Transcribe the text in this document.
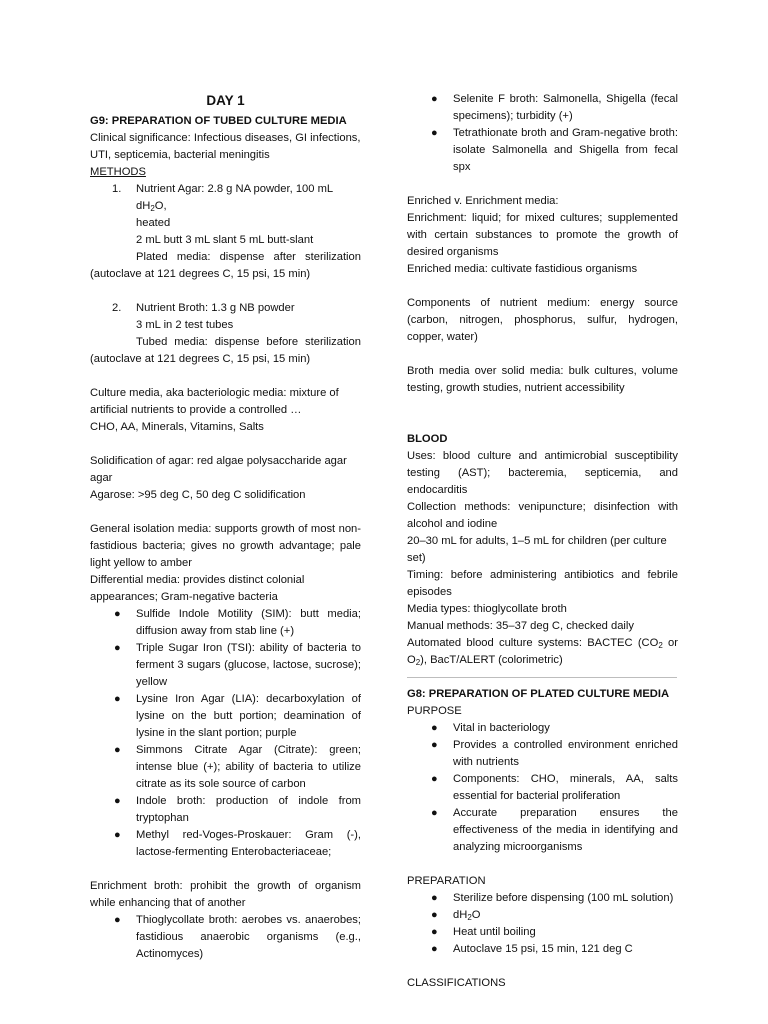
DAY 1

G9: PREPARATION OF TUBED CULTURE MEDIA

Clinical significance: Infectious diseases, GI infections, UTI, septicemia, bacterial meningitis

METHODS

1. Nutrient Agar: 2.8 g NA powder, 100 mL $dH_2O$,

heated

2 mL butt 3 mL slant 5 mL butt-slant

Plated media: dispense after sterilization

(autoclave at 121 degrees C, 15 psi, 15 min)

2. Nutrient Broth: 1.3 g NB powder

3 mL in 2 test tubes

Tubed media: dispense before sterilization

(autoclave at 121 degrees C, 15 psi, 15 min)

Culture media, aka bacteriologic media: mixture of artificial nutrients to provide a controlled …

CHO, AA, Minerals, Vitamins, Salts

Solidification of agar: red algae polysaccharide agar agar

Agarose: >95 deg C, 50 deg C solidification

General isolation media: supports growth of most non-fastidious bacteria; gives no growth advantage; pale light yellow to amber

Differential media: provides distinct colonial appearances; Gram-negative bacteria

● Sulfide Indole Motility (SIM): butt media; diffusion away from stab line (+)
● Triple Sugar Iron (TSI): ability of bacteria to ferment 3 sugars (glucose, lactose, sucrose); yellow
● Lysine Iron Agar (LIA): decarboxylation of lysine on the butt portion; deamination of lysine in the slant portion; purple
● Simmons Citrate Agar (Citrate): green; intense blue (+); ability of bacteria to utilize citrate as its sole source of carbon
● Indole broth: production of indole from tryptophan
● Methyl red-Voges-Proskauer: Gram (-), lactose-fermenting Enterobacteriaceae;

Enrichment broth: prohibit the growth of organism while enhancing that of another

● Thioglycollate broth: aerobes vs. anaerobes; fastidious anaerobic organisms (e.g., Actinomyces)
● Selenite F broth: Salmonella, Shigella (fecal specimens); turbidity (+)
● Tetrathionate broth and Gram-negative broth: isolate Salmonella and Shigella from fecal spx

Enriched v. Enrichment media:

Enrichment: liquid; for mixed cultures; supplemented with certain substances to promote the growth of desired organisms

Enriched media: cultivate fastidious organisms

Components of nutrient medium: energy source (carbon, nitrogen, phosphorus, sulfur, hydrogen, copper, water)

Broth media over solid media: bulk cultures, volume testing, growth studies, nutrient accessibility

BLOOD

Uses: blood culture and antimicrobial susceptibility testing (AST); bacteremia, septicemia, and endocarditis

Collection methods: venipuncture; disinfection with alcohol and iodine

20–30 mL for adults, 1–5 mL for children (per culture set)

Timing: before administering antibiotics and febrile episodes

Media types: thioglycollate broth

Manual methods: 35–37 deg C, checked daily

Automated blood culture systems: BACTEC ($CO_2$ or $O_2$), BacT/ALERT (colorimetric)

G8: PREPARATION OF PLATED CULTURE MEDIA

PURPOSE

● Vital in bacteriology
● Provides a controlled environment enriched with nutrients
● Components: CHO, minerals, AA, salts essential for bacterial proliferation
● Accurate preparation ensures the effectiveness of the media in identifying and analyzing microorganisms

PREPARATION

● Sterilize before dispensing (100 mL solution)
● $dH_2O$
● Heat until boiling
● Autoclave 15 psi, 15 min, 121 deg C

CLASSIFICATIONS
